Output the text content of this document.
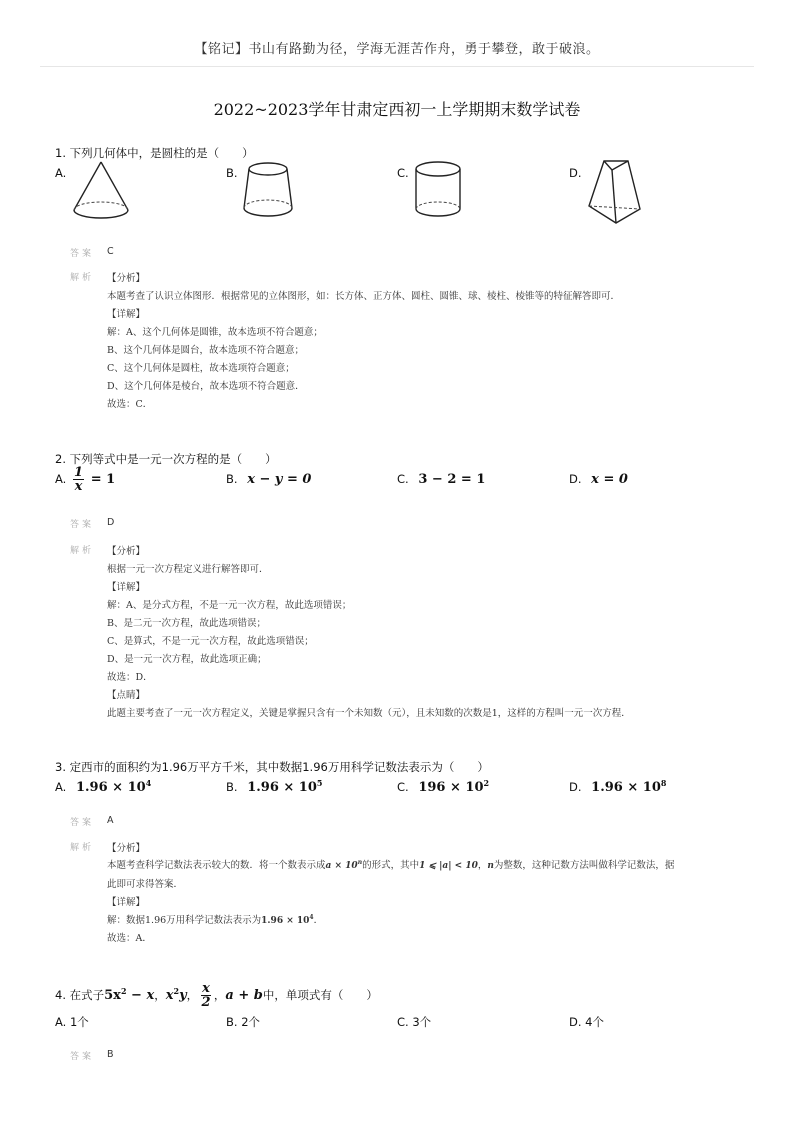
【铭记】书山有路勤为径，学海无涯苦作舟，勇于攀登，敢于破浪。
2022~2023学年甘肃定西初一上学期期末数学试卷
1. 下列几何体中，是圆柱的是（　　）
A.	B.	C.	D.
答案 C
解析 【分析】
本题考查了认识立体图形．根据常见的立体图形，如：长方体、正方体、圆柱、圆锥、球、棱柱、棱锥等的特征解答即可．
【详解】
解：A、这个几何体是圆锥，故本选项不符合题意；
B、这个几何体是圆台，故本选项不符合题意；
C、这个几何体是圆柱，故本选项符合题意；
D、这个几何体是棱台，故本选项不符合题意．
故选：C．
2. 下列等式中是一元一次方程的是（　　）
A. $\frac{1}{x} = 1$	B. x − y = 0	C. 3 − 2 = 1	D. x = 0
答案 D
解析 【分析】
根据一元一次方程定义进行解答即可．
【详解】
解：A、是分式方程，不是一元一次方程，故此选项错误；
B、是二元一次方程，故此选项错误；
C、是算式，不是一元一次方程，故此选项错误；
D、是一元一次方程，故此选项正确；
故选：D．
【点睛】
此题主要考查了一元一次方程定义，关键是掌握只含有一个未知数（元），且未知数的次数是1，这样的方程叫一元一次方程．
3. 定西市的面积约为1.96万平方千米，其中数据1.96万用科学记数法表示为（　　）
A. $1.96 \times 10^4$	B. $1.96 \times 10^5$	C. $196 \times 10^2$	D. $1.96 \times 10^8$
答案 A
解析 【分析】
本题考查科学记数法表示较大的数．将一个数表示成$a \times 10^n$的形式，其中1 ⩽ |a| < 10，n为整数，这种记数方法叫做科学记数法，据
此即可求得答案．
【详解】
解：数据1.96万用科学记数法表示为$1.96 \times 10^4$．
故选：A．
4. 在式子$5x^2 - x$，$x^2y$， $\frac{x}{2}$ ，a + b中，单项式有（　　）
A. 1个	B. 2个	C. 3个	D. 4个
答案 B
